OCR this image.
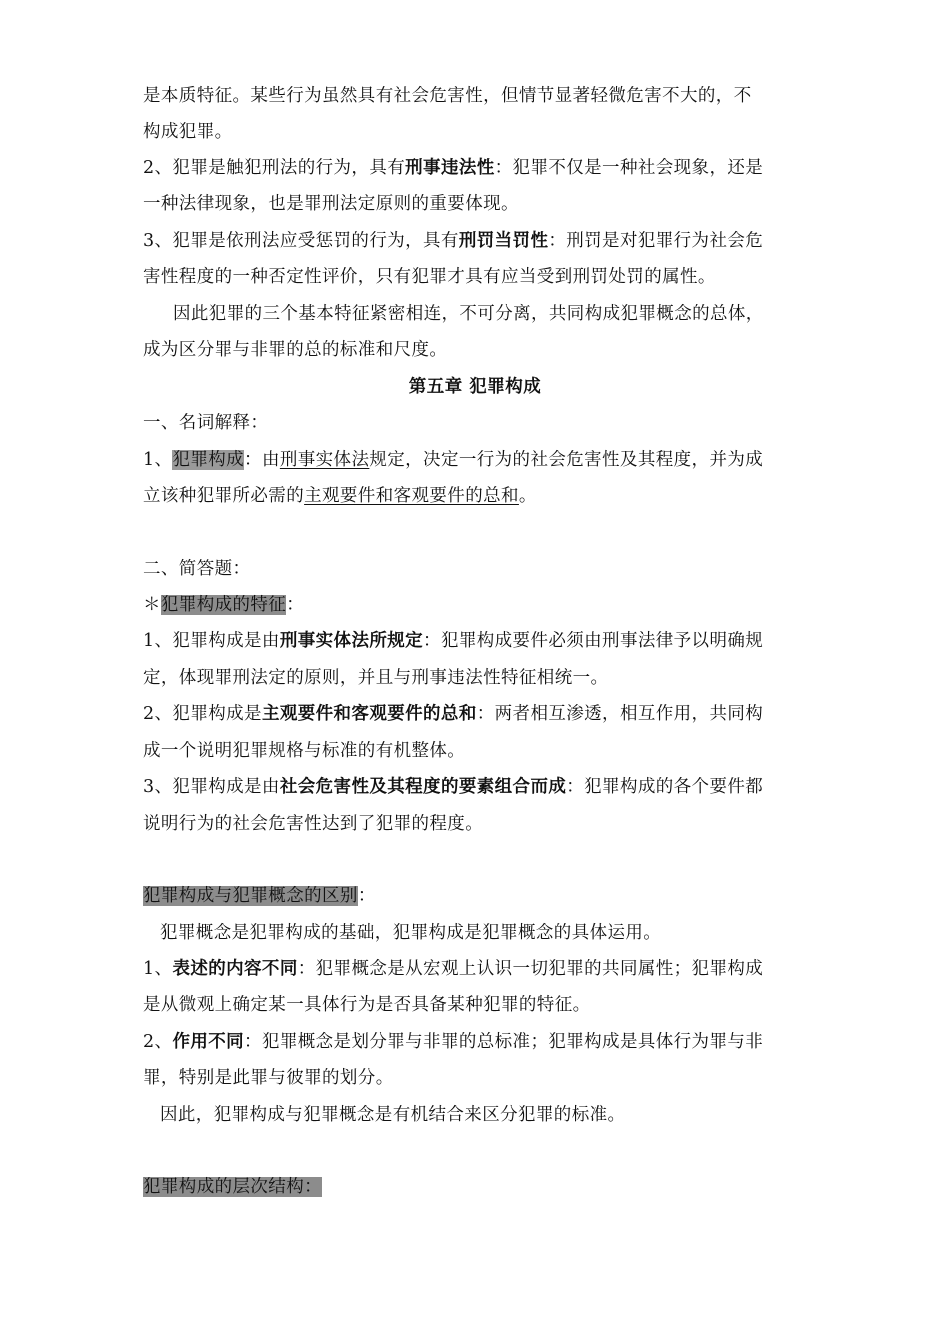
是本质特征。某些行为虽然具有社会危害性，但情节显著轻微危害不大的，不
构成犯罪。
2、犯罪是触犯刑法的行为，具有刑事违法性：犯罪不仅是一种社会现象，还是
一种法律现象，也是罪刑法定原则的重要体现。
3、犯罪是依刑法应受惩罚的行为，具有刑罚当罚性：刑罚是对犯罪行为社会危
害性程度的一种否定性评价，只有犯罪才具有应当受到刑罚处罚的属性。
因此犯罪的三个基本特征紧密相连，不可分离，共同构成犯罪概念的总体，
成为区分罪与非罪的总的标准和尺度。
第五章 犯罪构成
一、名词解释：
1、犯罪构成：由刑事实体法规定，决定一行为的社会危害性及其程度，并为成
立该种犯罪所必需的主观要件和客观要件的总和。
二、简答题：
＊犯罪构成的特征：
1、犯罪构成是由刑事实体法所规定：犯罪构成要件必须由刑事法律予以明确规
定，体现罪刑法定的原则，并且与刑事违法性特征相统一。
2、犯罪构成是主观要件和客观要件的总和：两者相互渗透，相互作用，共同构
成一个说明犯罪规格与标准的有机整体。
3、犯罪构成是由社会危害性及其程度的要素组合而成：犯罪构成的各个要件都
说明行为的社会危害性达到了犯罪的程度。
犯罪构成与犯罪概念的区别：
犯罪概念是犯罪构成的基础，犯罪构成是犯罪概念的具体运用。
1、表述的内容不同：犯罪概念是从宏观上认识一切犯罪的共同属性；犯罪构成
是从微观上确定某一具体行为是否具备某种犯罪的特征。
2、作用不同：犯罪概念是划分罪与非罪的总标准；犯罪构成是具体行为罪与非
罪，特别是此罪与彼罪的划分。
因此，犯罪构成与犯罪概念是有机结合来区分犯罪的标准。
犯罪构成的层次结构：
